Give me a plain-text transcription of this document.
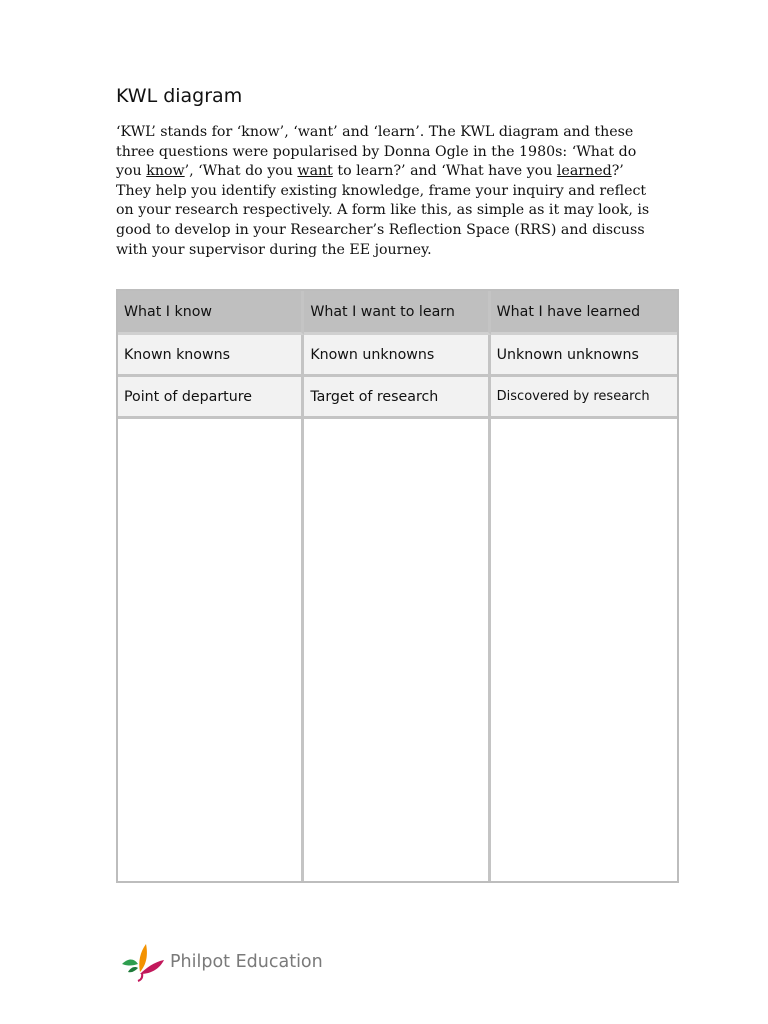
KWL diagram
‘KWL’ stands for ‘know’, ‘want’ and ‘learn’. The KWL diagram and these three questions were popularised by Donna Ogle in the 1980s: ‘What do you know’, ‘What do you want to learn?’ and ‘What have you learned?’ They help you identify existing knowledge, frame your inquiry and reflect on your research respectively. A form like this, as simple as it may look, is good to develop in your Researcher’s Reflection Space (RRS) and discuss with your supervisor during the EE journey.
What I know	What I want to learn	What I have learned
Known knowns	Known unknowns	Unknown unknowns
Point of departure	Target of research	Discovered by research
Philpot Education
